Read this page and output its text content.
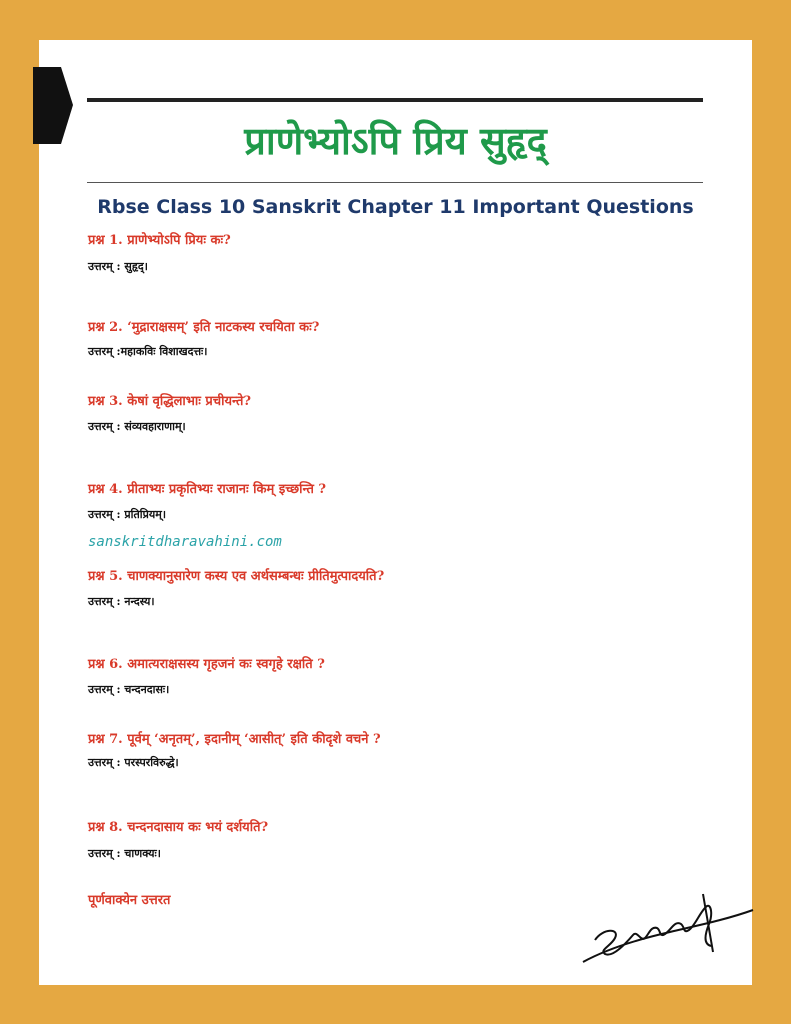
प्राणेभ्योऽपि प्रिय सुहृद्
Rbse Class 10 Sanskrit Chapter 11 Important Questions
प्रश्न 1. प्राणेभ्योऽपि प्रियः कः?
उत्तरम् : सुहृद्।
प्रश्न 2. ‘मुद्राराक्षसम्’ इति नाटकस्य रचयिता कः?
उत्तरम् :महाकविः विशाखदत्तः।
प्रश्न 3. केषां वृद्धिलाभाः प्रचीयन्ते?
उत्तरम् : संव्यवहाराणाम्।
प्रश्न 4. प्रीताभ्यः प्रकृतिभ्यः राजानः किम् इच्छन्ति ?
उत्तरम् : प्रतिप्रियम्।
sanskritdharavahini.com
प्रश्न 5. चाणक्यानुसारेण कस्य एव अर्थसम्बन्धः प्रीतिमुत्पादयति?
उत्तरम् : नन्दस्य।
प्रश्न 6. अमात्यराक्षसस्य गृहजनं कः स्वगृहे रक्षति ?
उत्तरम् : चन्दनदासः।
प्रश्न 7. पूर्वम् ‘अनृतम्’, इदानीम् ‘आसीत्’ इति कीदृशे वचने ?
उत्तरम् : परस्परविरुद्धे।
प्रश्न 8. चन्दनदासाय कः भयं दर्शयति?
उत्तरम् : चाणक्यः।
पूर्णवाक्येन उत्तरत
